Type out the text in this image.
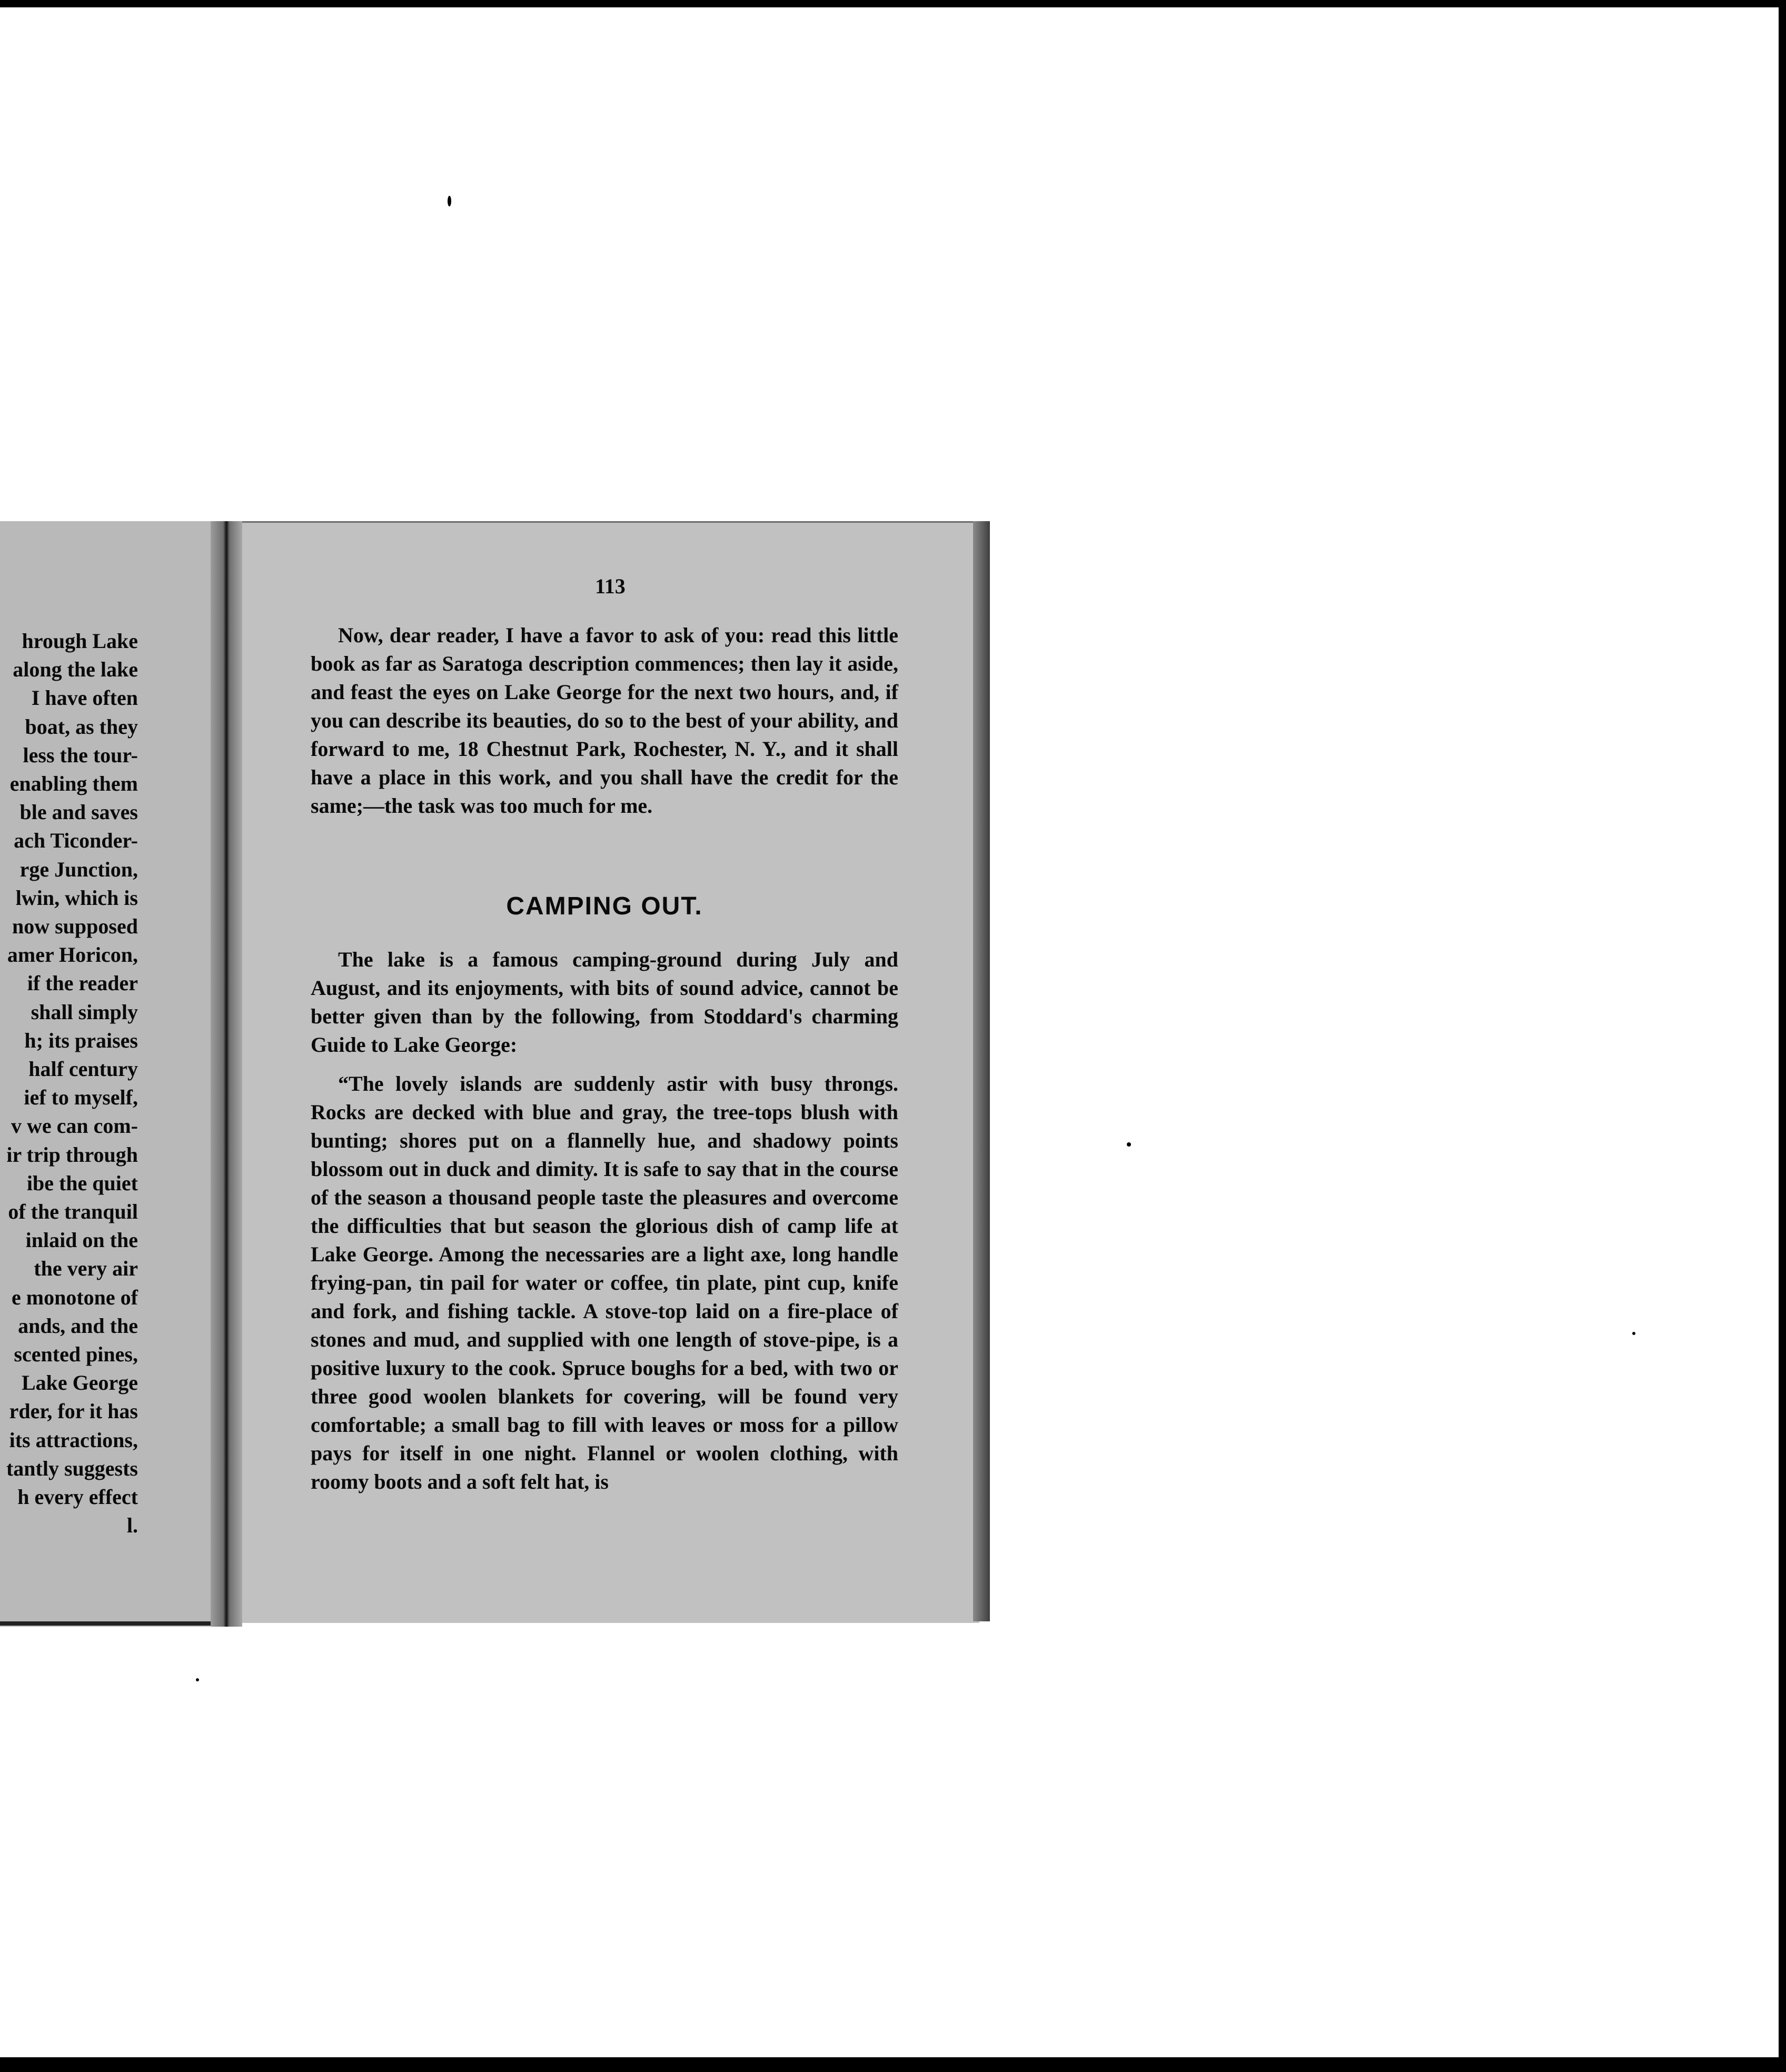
hrough Lake
along the lake
I have often
boat, as they
less the tour-
enabling them
ble and saves
ach Ticonder-
rge Junction,
lwin, which is
now supposed
amer Horicon,
if the reader
shall simply
h; its praises
half century
ief to myself,
v we can com-
ir trip through
ibe the quiet
of the tranquil
inlaid on the
the very air
e monotone of
ands, and the
scented pines,
Lake George
rder, for it has
its attractions,
tantly suggests
h every effect
l.
113

Now, dear reader, I have a favor to ask of you: read this little book as far as Saratoga description commences; then lay it aside, and feast the eyes on Lake George for the next two hours, and, if you can describe its beauties, do so to the best of your ability, and forward to me, 18 Chestnut Park, Rochester, N. Y., and it shall have a place in this work, and you shall have the credit for the same;—the task was too much for me.

CAMPING OUT.

The lake is a famous camping-ground during July and August, and its enjoyments, with bits of sound advice, cannot be better given than by the following, from Stoddard's charming Guide to Lake George:

“The lovely islands are suddenly astir with busy throngs. Rocks are decked with blue and gray, the tree-tops blush with bunting; shores put on a flannelly hue, and shadowy points blossom out in duck and dimity. It is safe to say that in the course of the season a thousand people taste the pleasures and overcome the difficulties that but season the glorious dish of camp life at Lake George. Among the necessaries are a light axe, long handle frying-pan, tin pail for water or coffee, tin plate, pint cup, knife and fork, and fishing tackle. A stove-top laid on a fire-place of stones and mud, and supplied with one length of stove-pipe, is a positive luxury to the cook. Spruce boughs for a bed, with two or three good woolen blankets for covering, will be found very comfortable; a small bag to fill with leaves or moss for a pillow pays for itself in one night. Flannel or woolen clothing, with roomy boots and a soft felt hat, is
